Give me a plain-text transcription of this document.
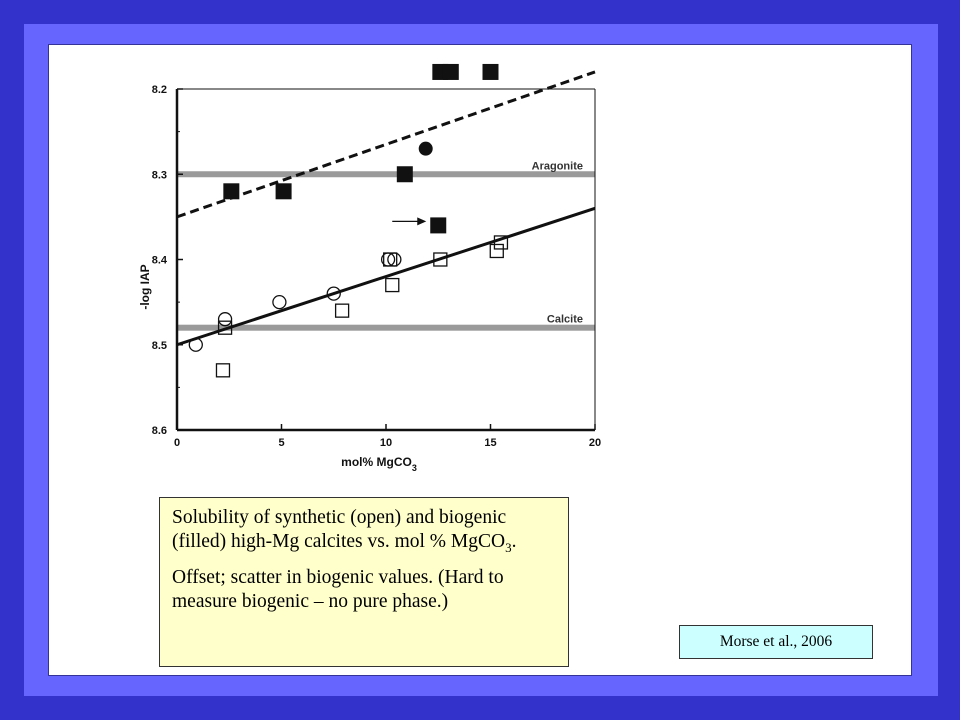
Aragonite
Calcite
0	5	10	15	20
8.2
8.3
8.4
8.5
8.6
-log IAP
mol% MgCO$_3$

Solubility of synthetic (open) and biogenic (filled) high-Mg calcites vs. mol % MgCO$_3$.

Offset; scatter in biogenic values. (Hard to measure biogenic – no pure phase.)

Morse et al., 2006
